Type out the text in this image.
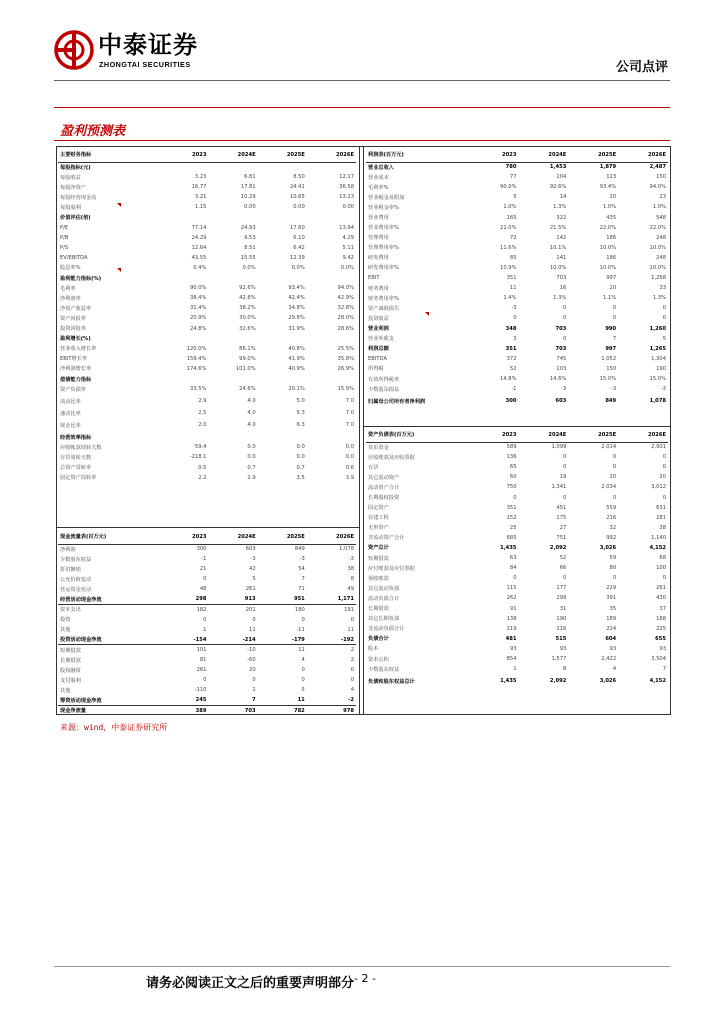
中泰证券
ZHONGTAI SECURITIES	公司点评
盈利预测表
主要财务指标	2023	2024E	2025E	2026E
每股指标(元)				
每股收益	3.23	6.81	8.50	12.17
每股净资产	16.77	17.81	24.41	36.58
每股经营现金流	3.21	10.29	10.65	13.23
每股股利	1.15	0.00	0.00	0.00
价值评估(倍)				
P/E	77.14	24.93	17.60	13.94
P/B	24.29	9.53	6.10	4.29
P/S	12.64	8.51	6.42	5.11
EV/EBITDA	43.55	15.55	12.39	9.42
股息率%	0.4%	0.0%	0.0%	0.0%
盈利能力指标(%)				
毛利率	90.0%	92.6%	93.4%	94.0%
净利润率	38.4%	42.8%	42.4%	42.9%
净资产收益率	31.4%	38.2%	34.8%	32.8%
资产回报率	20.9%	30.0%	29.8%	28.0%
投资回报率	24.8%	32.6%	31.9%	28.6%
盈利增长(%)				
营业收入增长率	120.0%	86.1%	40.8%	25.5%
EBIT增长率	159.4%	99.0%	41.9%	35.8%
净利润增长率	174.6%	101.0%	40.9%	26.9%
偿债能力指标				
资产负债率	33.5%	24.6%	20.1%	15.9%
流动比率	2.9	4.0	5.0	7.0
速动比率	2.5	4.0	5.3	7.0
现金比率	2.0	4.0	6.3	7.0
经营效率指标				
应收帐款周转天数	59.4	0.0	0.0	0.0
存货周转天数	-218.1	0.0	0.0	0.0
总资产周转率	0.5	0.7	0.7	0.6
固定资产周转率	2.2	2.9	3.5	3.9
利润表(百万元)	2023	2024E	2025E	2026E
营业总收入	780	1,453	1,879	2,487
营业成本	77	104	123	150
毛利率%	90.0%	92.6%	93.4%	94.0%
营业税金及附加	5	14	20	23
营业税金率%	1.0%	1.3%	1.0%	1.0%
营业费用	165	322	435	548
营业费用率%	21.0%	21.5%	22.0%	22.0%
管理费用	72	142	186	248
管理费用率%	11.6%	10.1%	10.0%	10.0%
研发费用	85	141	186	248
研发费用率%	10.9%	10.0%	10.0%	10.0%
EBIT	351	703	997	1,268
财务费用	11	16	20	33
财务费用率%	1.4%	1.3%	1.1%	1.3%
资产减值损失	-3	0	0	0
投资收益	0	0	0	0
营业利润	348	703	990	1,260
营业外收支	3	0	7	5
利润总额	351	703	997	1,265
EBITDA	372	745	1,052	1,304
所得税	52	103	150	190
有效所得税率	14.8%	14.6%	15.0%	15.0%
少数股东损益	-1	-3	-3	-3
归属母公司所有者净利润	300	603	849	1,078
资产负债表(百万元)	2023	2024E	2025E	2026E
货币资金	589	1,099	2,014	2,901
应收账款及应收票据	136	0	0	0
存货	65	0	0	0
其它流动资产	60	19	20	20
流动资产合计	750	1,341	2,034	3,012
长期股权投资	0	0	0	0
固定资产	351	451	559	631
在建工程	152	175	216	281
无形资产	25	27	32	38
非流动资产合计	685	751	992	1,140
资产总计	1,435	2,092	3,026	4,152
短期借款	63	52	59	68
应付账款及应付票据	84	66	80	100
预收账款	0	0	0	0
其它流动负债	115	177	229	261
流动负债合计	262	299	391	430
长期借款	91	31	35	37
其它长期负债	138	190	189	188
非流动负债合计	219	216	224	225
负债合计	481	515	604	655
股本	93	93	93	93
资本公积	854	1,577	2,422	3,504
少数股东权益	1	8	4	7
负债和股东权益总计	1,435	2,092	3,026	4,152
现金流量表(百万元)	2023	2024E	2025E	2026E
净利润	300	603	849	1,078
少数股东权益	-1	-3	-3	-3
折旧摊销	21	42	54	38
公允价值变动	0	5	7	8
营运资金变动	48	261	71	49
经营活动现金净流	298	913	951	1,171
资本支出	182	201	180	191
投资	0	0	0	0
其他	1	11	-11	11
投资活动现金净流	-154	-214	-179	-192
短期借款	101	-10	11	2
长期借款	81	-60	4	2
股权融资	261	20	0	0
支付股利	0	0	0	0
其他	-110	1	5	4
筹资活动现金净流	245	7	11	-2
现金净流量	389	703	782	978
来源：wind，中泰证券研究所
请务必阅读正文之后的重要声明部分 - 2 -
